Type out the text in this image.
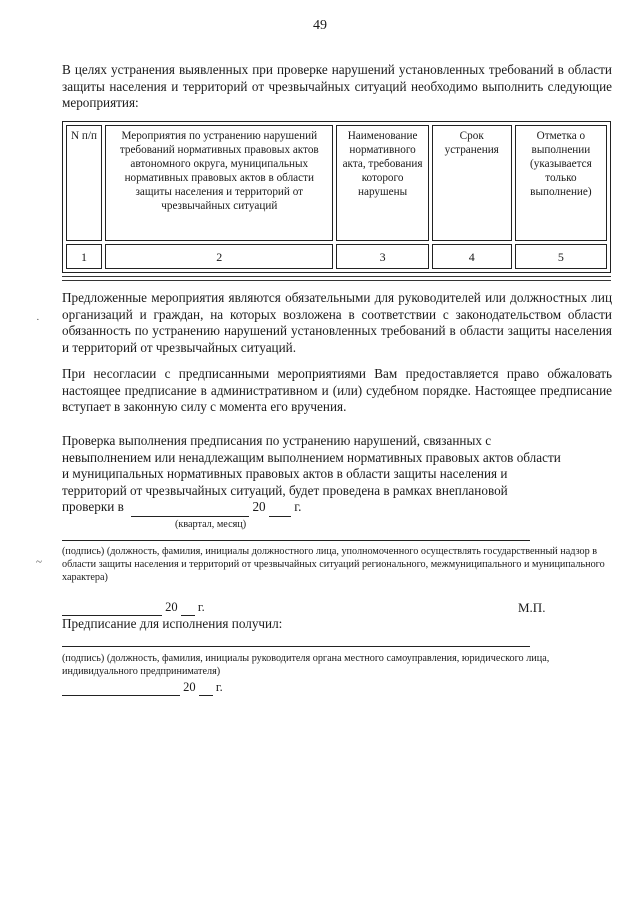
49
В целях устранения выявленных при проверке нарушений установленных требований в области защиты населения и территорий от чрезвычайных ситуаций необходимо выполнить следующие мероприятия:
N п/п	Мероприятия по устранению нарушений требований нормативных правовых актов автономного округа, муниципальных нормативных правовых актов в области защиты населения и территорий от чрезвычайных ситуаций	Наименование нормативного акта, требования которого нарушены	Срок устранения	Отметка о выполнении (указывается только выполнение)
1	2	3	4	5
·
Предложенные мероприятия являются обязательными для руководителей или должностных лиц организаций и граждан, на которых возложена в соответствии с законодательством области обязанность по устранению нарушений установленных требований в области защиты населения и территорий от чрезвычайных ситуаций.
При несогласии с предписанными мероприятиями Вам предоставляется право обжаловать настоящее предписание в административном и (или) судебном порядке. Настоящее предписание вступает в законную силу с момента его вручения.
Проверка выполнения предписания по устранению нарушений, связанных с невыполнением или ненадлежащим выполнением нормативных правовых актов области и муниципальных нормативных правовых актов в области защиты населения и территорий от чрезвычайных ситуаций, будет проведена в рамках внеплановой проверки в	20 г.
(квартал, месяц)
~
(подпись) (должность, фамилия, инициалы должностного лица, уполномоченного осуществлять государственный надзор в области защиты населения и территорий от чрезвычайных ситуаций регионального, межмуниципального и муниципального характера)
20 г.	М.П.
Предписание для исполнения получил:
(подпись) (должность, фамилия, инициалы руководителя органа местного самоуправления, юридического лица, индивидуального предпринимателя)
20 г.
